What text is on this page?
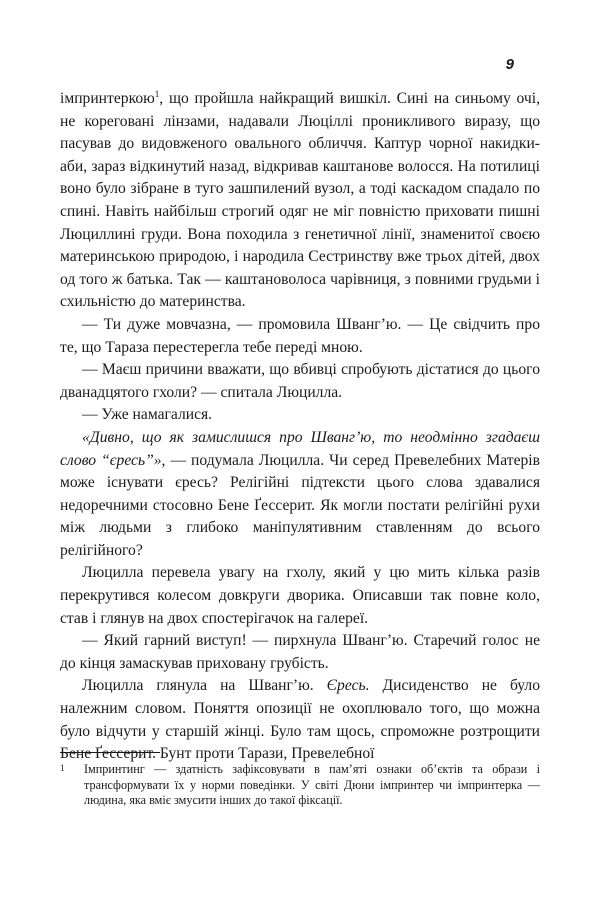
9

імпринтеркою$^1$, що пройшла найкращий вишкіл. Сині на синьому очі, не кореговані лінзами, надавали Люцiллі проникливого виразу, що пасував до видовженого овального обличчя. Каптур чорної накидки-аби, зараз відкинутий назад, відкривав каштанове волосся. На потилиці воно було зібране в туго зашпилений вузол, а тоді каскадом спадало по спині. Навіть найбільш строгий одяг не міг повністю приховати пишні Люциллині груди. Вона походила з генетичної лінії, знаменитої своєю материнською природою, і народила Сестринству вже трьох дітей, двох од того ж батька. Так — каштановолоса чарівниця, з повними грудьми і схильністю до материнства.

— Ти дуже мовчазна, — промовила Шванг’ю. — Це свідчить про те, що Тараза перестерегла тебе переді мною.

— Маєш причини вважати, що вбивці спробують дістатися до цього дванадцятого гхоли? — спитала Люцилла.

— Уже намагалися.

«Дивно, що як замислишся про Шванг’ю, то неодмінно згадаєш слово “єресь”», — подумала Люцилла. Чи серед Превелебних Матерів може існувати єресь? Релігійні підтексти цього слова здавалися недоречними стосовно Бене Ґессерит. Як могли постати релігійні рухи між людьми з глибоко маніпулятивним ставленням до всього релігійного?

Люцилла перевела увагу на гхолу, який у цю мить кілька разів перекрутився колесом довкруги дворика. Описавши так повне коло, став і глянув на двох спостерігачок на галереї.

— Який гарний виступ! — пирхнула Шванг’ю. Старечий голос не до кінця замаскував приховану грубість.

Люцилла глянула на Шванг’ю. Єресь. Дисиденство не було належним словом. Поняття опозиції не охоплювало того, що можна було відчути у старшій жінці. Було там щось, спроможне розтрощити Бене Ґессерит. Бунт проти Тарази, Превелебної

1	Імпринтинг — здатність зафіксовувати в пам’яті ознаки об’єктів та образи і трансформувати їх у норми поведінки. У світі Дюни імпринтер чи імпринтерка — людина, яка вміє змусити інших до такої фіксації.
